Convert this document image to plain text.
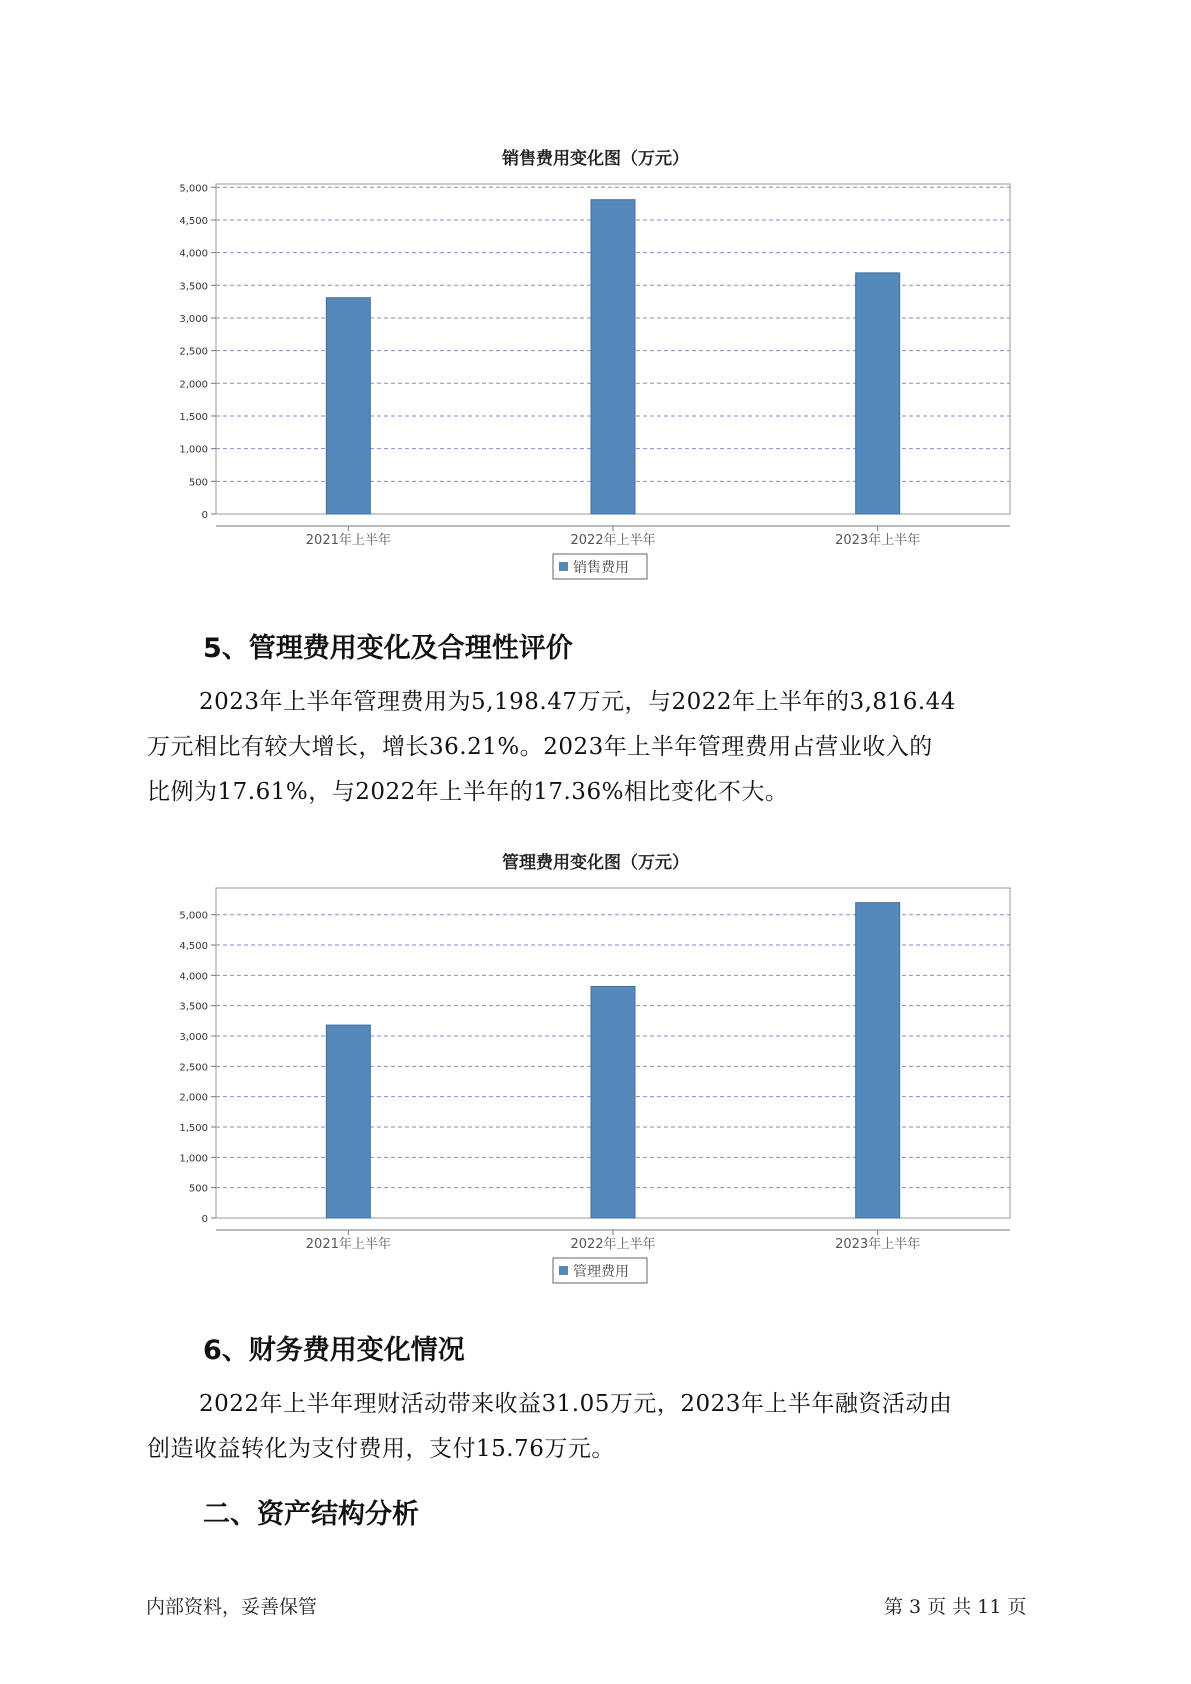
销售费用变化图（万元）
0
500
1,000
1,500
2,000
2,500
3,000
3,500
4,000
4,500
5,000
2021年上半年	2022年上半年	2023年上半年
销售费用
5、管理费用变化及合理性评价

2023年上半年管理费用为5,198.47万元，与2022年上半年的3,816.44

万元相比有较大增长，增长36.21%。2023年上半年管理费用占营业收入的

比例为17.61%，与2022年上半年的17.36%相比变化不大。

管理费用变化图（万元）
0
500
1,000
1,500
2,000
2,500
3,000
3,500
4,000
4,500
5,000
2021年上半年	2022年上半年	2023年上半年
管理费用
6、财务费用变化情况

2022年上半年理财活动带来收益31.05万元，2023年上半年融资活动由

创造收益转化为支付费用，支付15.76万元。

二、资产结构分析
内部资料，妥善保管	第 3 页 共 11 页
